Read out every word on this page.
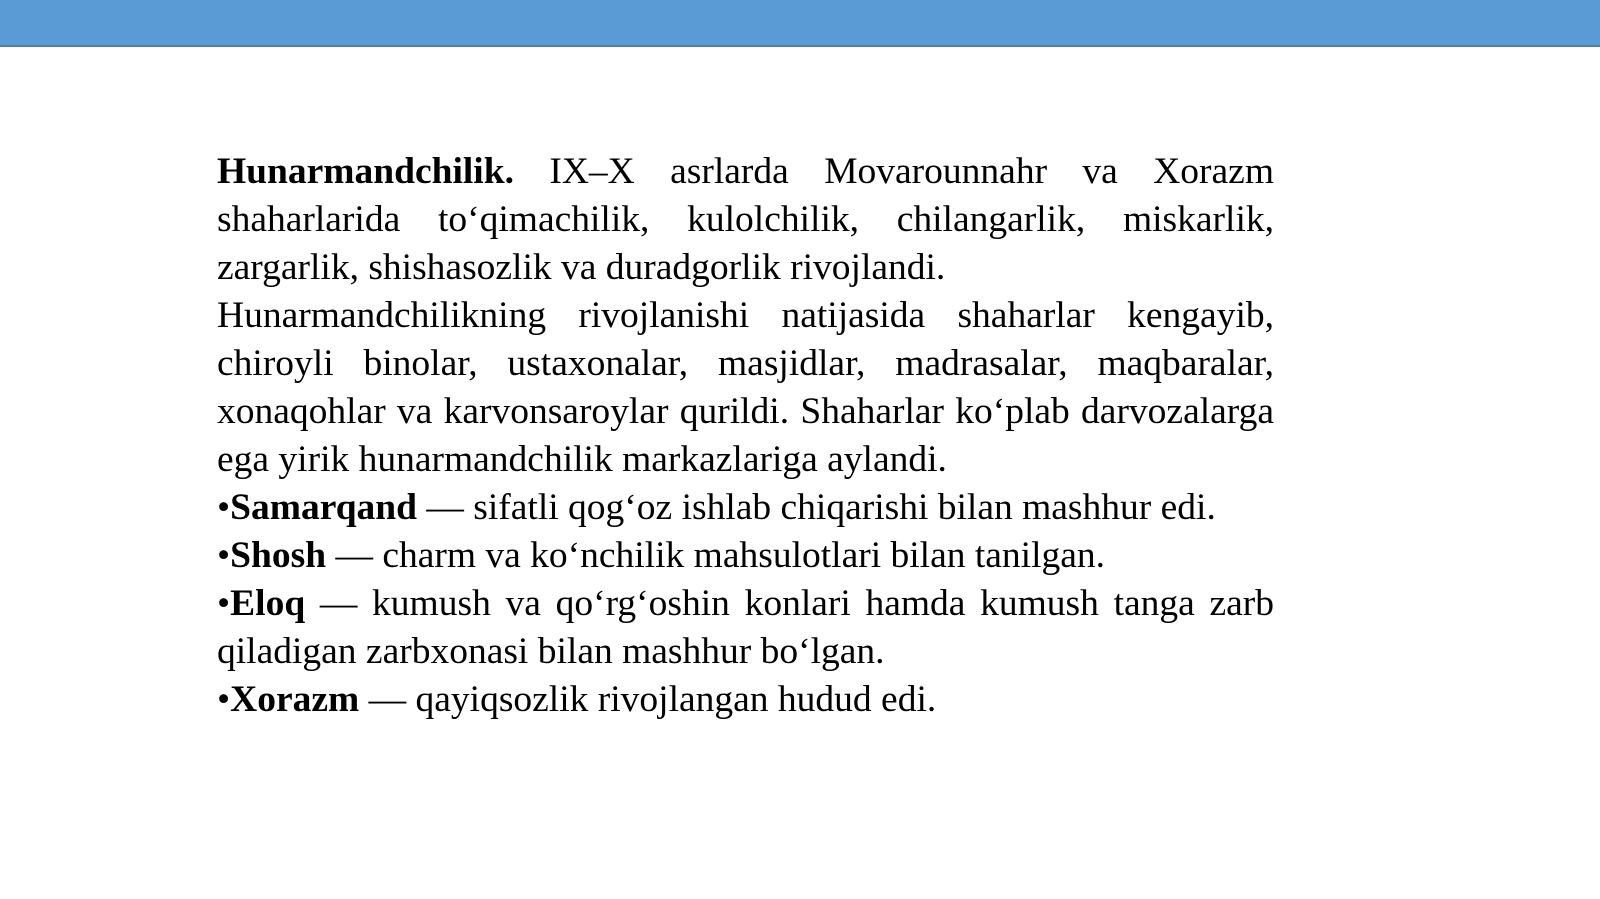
Hunarmandchilik. IX–X asrlarda Movarounnahr va Xorazm shaharlarida to‘qimachilik, kulolchilik, chilangarlik, miskarlik, zargarlik, shishasozlik va duradgorlik rivojlandi.

Hunarmandchilikning rivojlanishi natijasida shaharlar kengayib, chiroyli binolar, ustaxonalar, masjidlar, madrasalar, maqbaralar, xonaqohlar va karvonsaroylar qurildi. Shaharlar ko‘plab darvozalarga ega yirik hunarmandchilik markazlariga aylandi.

•Samarqand — sifatli qog‘oz ishlab chiqarishi bilan mashhur edi.

•Shosh — charm va ko‘nchilik mahsulotlari bilan tanilgan.

•Eloq — kumush va qo‘rg‘oshin konlari hamda kumush tanga zarb qiladigan zarbxonasi bilan mashhur bo‘lgan.

•Xorazm — qayiqsozlik rivojlangan hudud edi.
